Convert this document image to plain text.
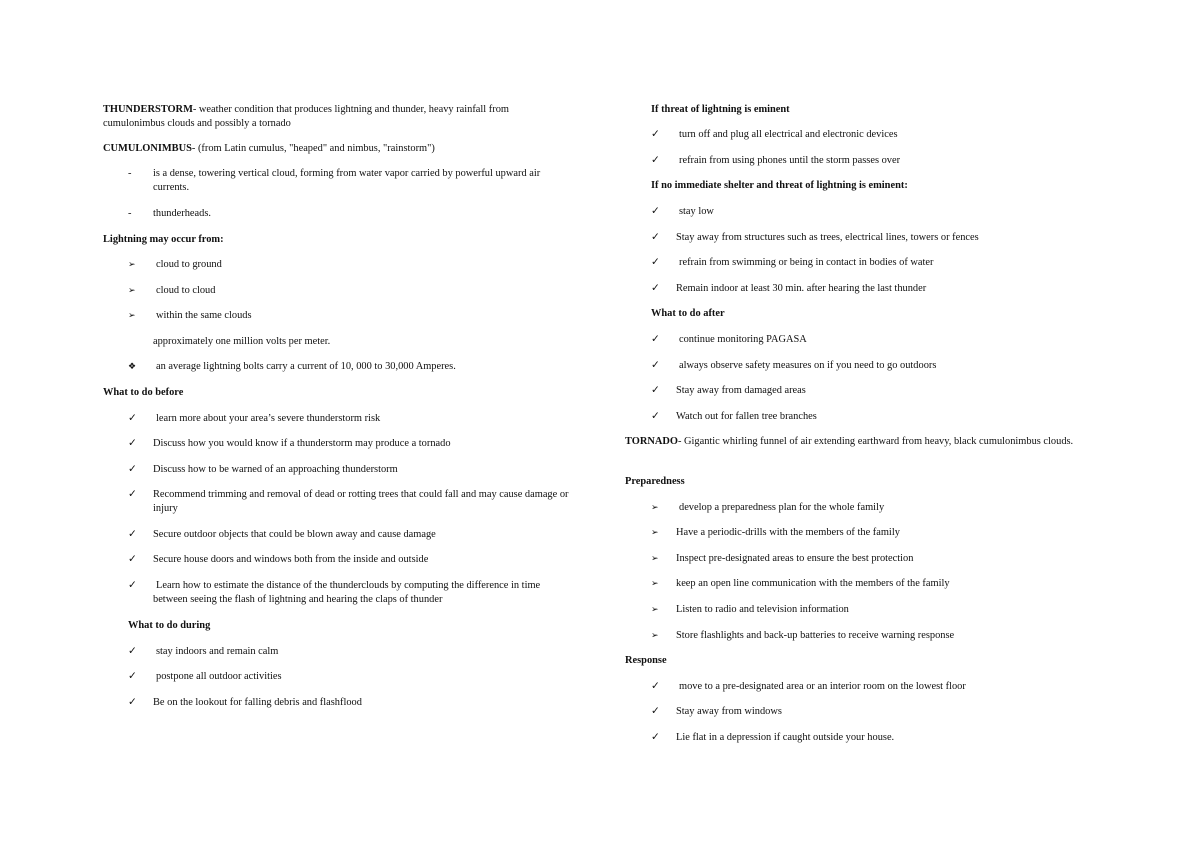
THUNDERSTORM- weather condition that produces lightning and thunder, heavy rainfall from cumulonimbus clouds and possibly a tornado
CUMULONIMBUS- (from Latin cumulus, "heaped" and nimbus, "rainstorm")
-	is a dense, towering vertical cloud, forming from water vapor carried by powerful upward air currents.
-	thunderheads.
Lightning may occur from:
➢	cloud to ground
➢	cloud to cloud
➢	within the same clouds
approximately one million volts per meter.
❖	an average lightning bolts carry a current of 10, 000 to 30,000 Amperes.
What to do before
✓	learn more about your area’s severe thunderstorm risk
✓	Discuss how you would know if a thunderstorm may produce a tornado
✓	Discuss how to be warned of an approaching thunderstorm
✓	Recommend trimming and removal of dead or rotting trees that could fall and may cause damage or injury
✓	Secure outdoor objects that could be blown away and cause damage
✓	Secure house doors and windows both from the inside and outside
✓	Learn how to estimate the distance of the thunderclouds by computing the difference in time between seeing the flash of lightning and hearing the claps of thunder
What to do during
✓	stay indoors and remain calm
✓	postpone all outdoor activities
✓	Be on the lookout for falling debris and flashflood
If threat of lightning is eminent
✓	turn off and plug all electrical and electronic devices
✓	refrain from using phones until the storm passes over
If no immediate shelter and threat of lightning is eminent:
✓	stay low
✓	Stay away from structures such as trees, electrical lines, towers or fences
✓	refrain from swimming or being in contact in bodies of water
✓	Remain indoor at least 30 min. after hearing the last thunder
What to do after
✓	continue monitoring PAGASA
✓	always observe safety measures on if you need to go outdoors
✓	Stay away from damaged areas
✓	Watch out for fallen tree branches
TORNADO- Gigantic whirling funnel of air extending earthward from heavy, black cumulonimbus clouds.
Preparedness
➢	develop a preparedness plan for the whole family
➢	Have a periodic-drills with the members of the family
➢	Inspect pre-designated areas to ensure the best protection
➢	keep an open line communication with the members of the family
➢	Listen to radio and television information
➢	Store flashlights and back-up batteries to receive warning response
Response
✓	move to a pre-designated area or an interior room on the lowest floor
✓	Stay away from windows
✓	Lie flat in a depression if caught outside your house.
